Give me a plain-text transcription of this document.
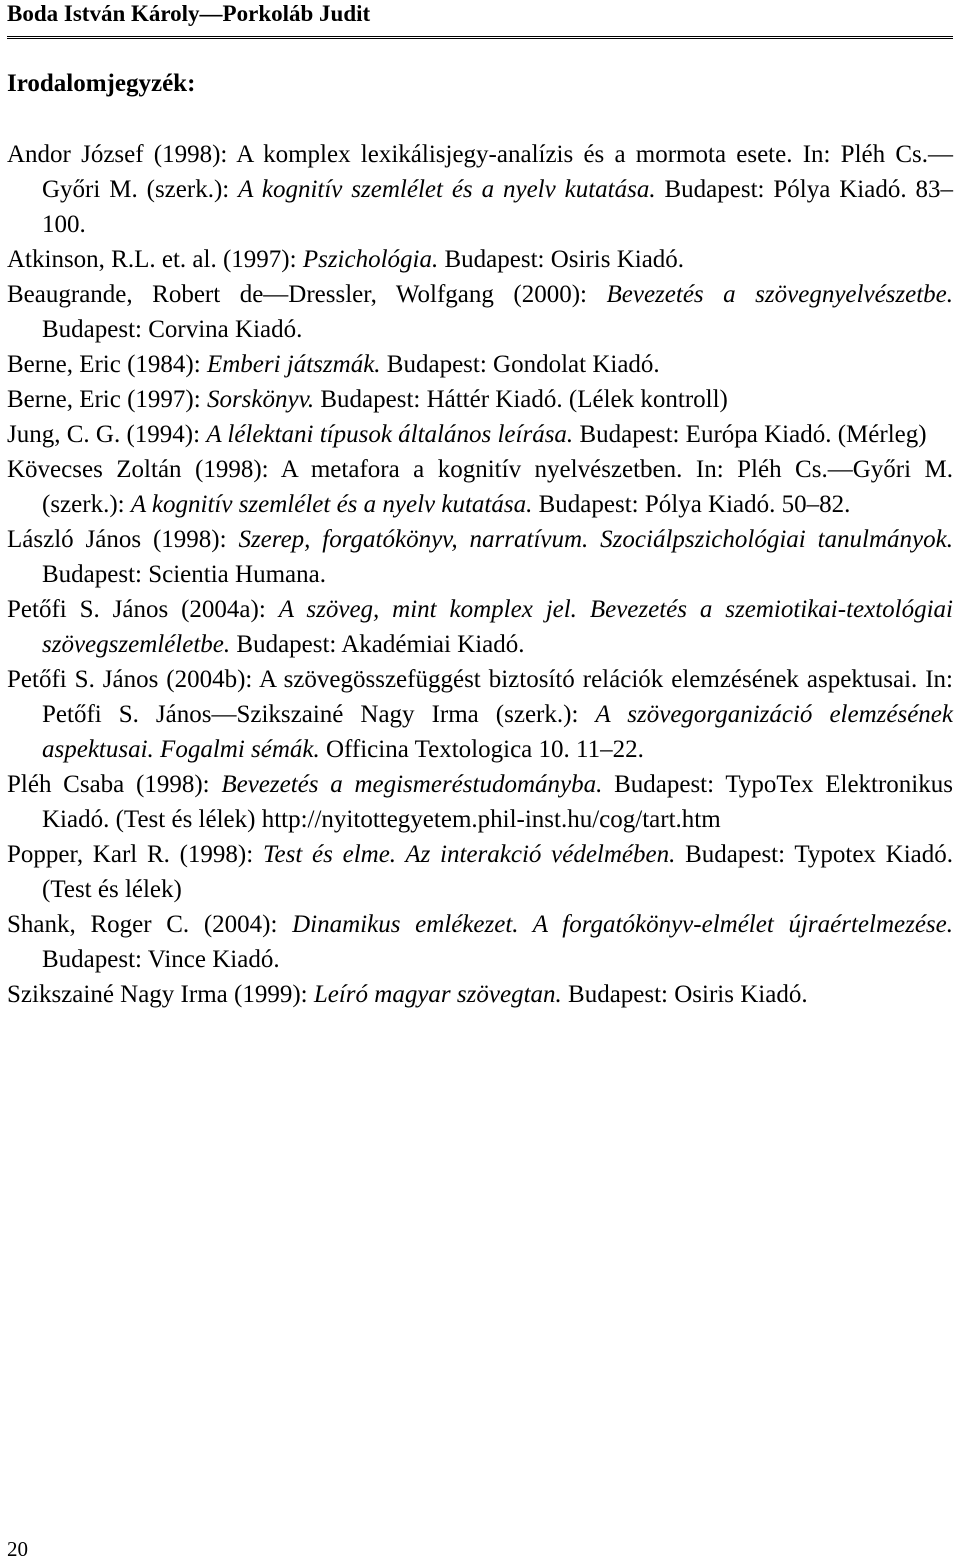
Boda István Károly—Porkoláb Judit
Irodalomjegyzék:
Andor József (1998): A komplex lexikálisjegy-analízis és a mormota esete. In: Pléh Cs.—Győri M. (szerk.): A kognitív szemlélet és a nyelv kutatása. Budapest: Pólya Kiadó. 83–100.
Atkinson, R.L. et. al. (1997): Pszichológia. Budapest: Osiris Kiadó.
Beaugrande, Robert de—Dressler, Wolfgang (2000): Bevezetés a szövegnyelvészetbe. Budapest: Corvina Kiadó.
Berne, Eric (1984): Emberi játszmák. Budapest: Gondolat Kiadó.
Berne, Eric (1997): Sorskönyv. Budapest: Háttér Kiadó. (Lélek kontroll)
Jung, C. G. (1994): A lélektani típusok általános leírása. Budapest: Európa Kiadó. (Mérleg)
Kövecses Zoltán (1998): A metafora a kognitív nyelvészetben. In: Pléh Cs.—Győri M. (szerk.): A kognitív szemlélet és a nyelv kutatása. Budapest: Pólya Kiadó. 50–82.
László János (1998): Szerep, forgatókönyv, narratívum. Szociálpszichológiai tanulmányok. Budapest: Scientia Humana.
Petőfi S. János (2004a): A szöveg, mint komplex jel. Bevezetés a szemiotikai-textológiai szövegszemléletbe. Budapest: Akadémiai Kiadó.
Petőfi S. János (2004b): A szövegösszefüggést biztosító relációk elemzésének aspektusai. In: Petőfi S. János—Szikszainé Nagy Irma (szerk.): A szövegorganizáció elemzésének aspektusai. Fogalmi sémák. Officina Textologica 10. 11–22.
Pléh Csaba (1998): Bevezetés a megismeréstudományba. Budapest: TypoTex Elektronikus Kiadó. (Test és lélek) http://nyitottegyetem.phil-inst.hu/cog/tart.htm
Popper, Karl R. (1998): Test és elme. Az interakció védelmében. Budapest: Typotex Kiadó. (Test és lélek)
Shank, Roger C. (2004): Dinamikus emlékezet. A forgatókönyv-elmélet újraértelmezése. Budapest: Vince Kiadó.
Szikszainé Nagy Irma (1999): Leíró magyar szövegtan. Budapest: Osiris Kiadó.
20
